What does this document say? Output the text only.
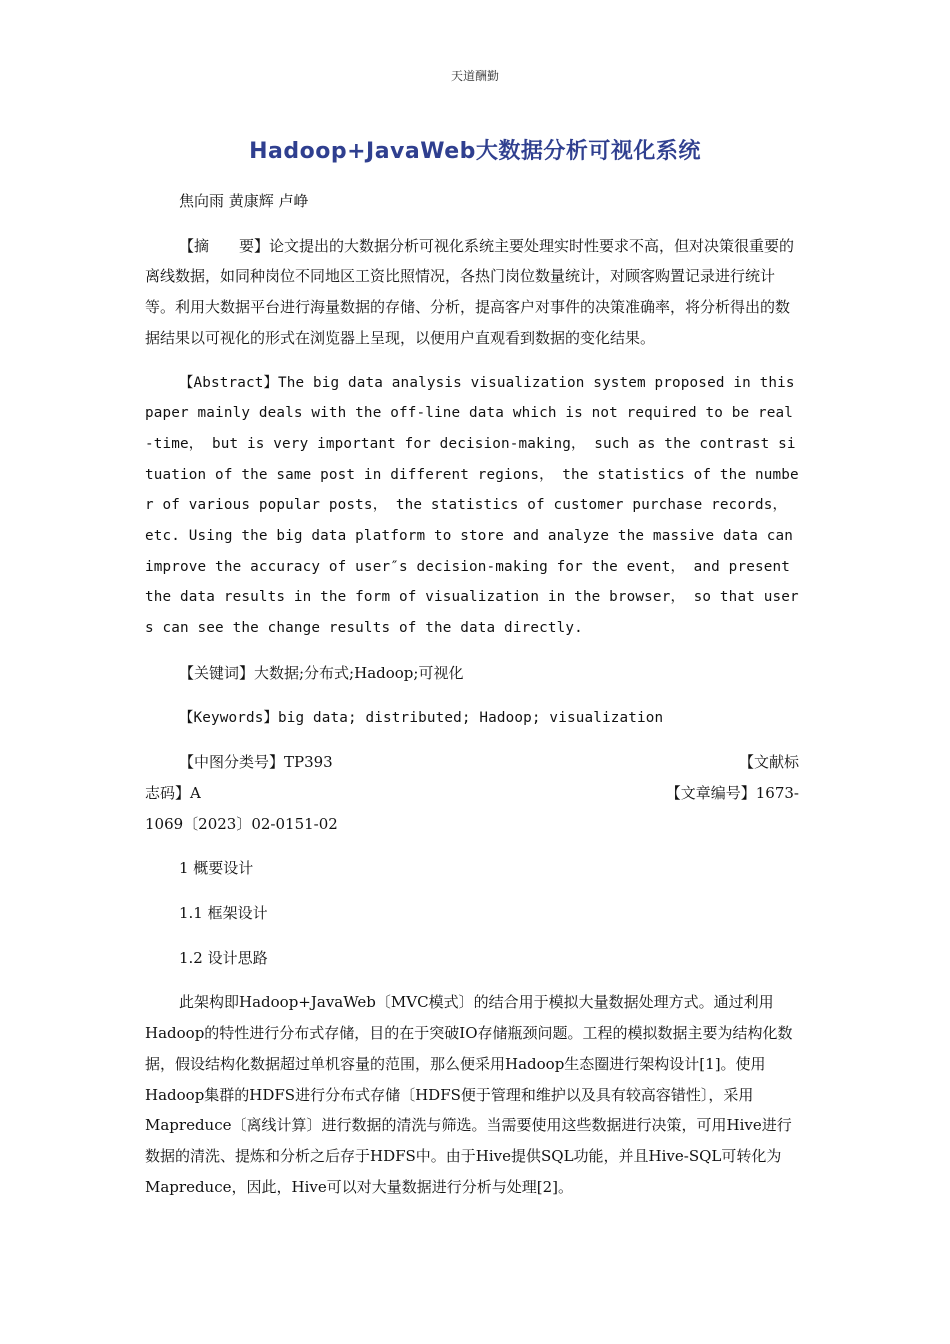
天道酬勤
Hadoop+JavaWeb大数据分析可视化系统

焦向雨 黄康辉 卢峥

【摘　　要】论文提出的大数据分析可视化系统主要处理实时性要求不高，但对决策很重要的离线数据，如同种岗位不同地区工资比照情况，各热门岗位数量统计，对顾客购置记录进行统计等。利用大数据平台进行海量数据的存储、分析，提高客户对事件的决策准确率，将分析得出的数据结果以可视化的形式在浏览器上呈现，以便用户直观看到数据的变化结果。

【Abstract】The big data analysis visualization system proposed in this paper mainly deals with the off-line data which is not required to be real-time， but is very important for decision-making， such as the contrast situation of the same post in different regions， the statistics of the number of various popular posts， the statistics of customer purchase records， etc. Using the big data platform to store and analyze the massive data can improve the accuracy of user″s decision-making for the event， and present the data results in the form of visualization in the browser， so that users can see the change results of the data directly.

【关键词】大数据;分布式;Hadoop;可视化

【Keywords】big data; distributed; Hadoop; visualization

【中图分类号】TP393	【文献标
志码】A	【文章编号】1673-

1069〔2023〕02-0151-02

1 概要设计

1.1 框架设计

1.2 设计思路

此架构即Hadoop+JavaWeb〔MVC模式〕的结合用于模拟大量数据处理方式。通过利用Hadoop的特性进行分布式存储，目的在于突破IO存储瓶颈问题。工程的模拟数据主要为结构化数据，假设结构化数据超过单机容量的范围，那么便采用Hadoop生态圈进行架构设计[1]。使用Hadoop集群的HDFS进行分布式存储〔HDFS便于管理和维护以及具有较高容错性〕，采用Mapreduce〔离线计算〕进行数据的清洗与筛选。当需要使用这些数据进行决策，可用Hive进行数据的清洗、提炼和分析之后存于HDFS中。由于Hive提供SQL功能，并且Hive-SQL可转化为Mapreduce，因此，Hive可以对大量数据进行分析与处理[2]。
